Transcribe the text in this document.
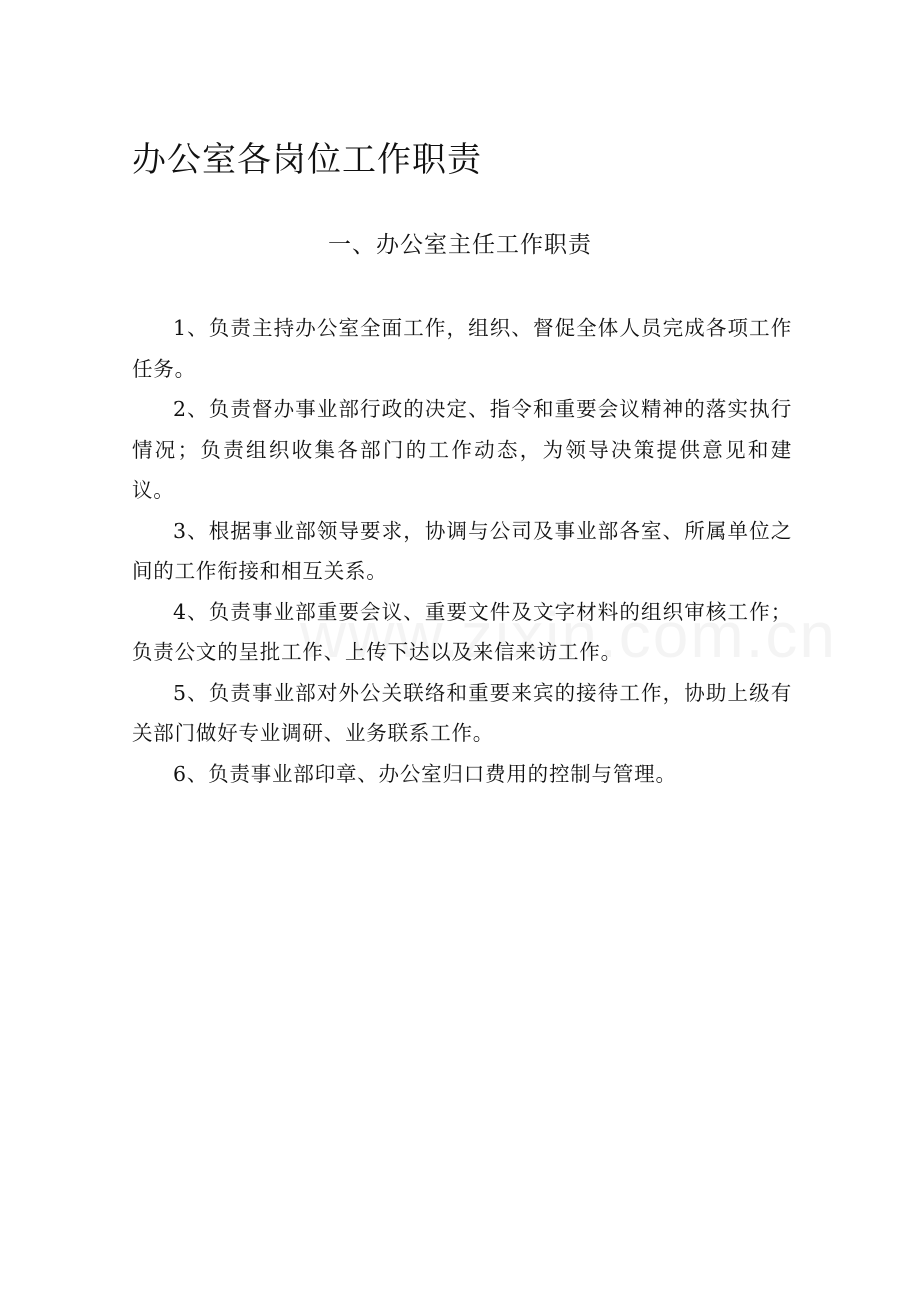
办公室各岗位工作职责
一、办公室主任工作职责

1、负责主持办公室全面工作，组织、督促全体人员完成各项工作任务。

2、负责督办事业部行政的决定、指令和重要会议精神的落实执行情况；负责组织收集各部门的工作动态，为领导决策提供意见和建议。

3、根据事业部领导要求，协调与公司及事业部各室、所属单位之间的工作衔接和相互关系。

4、负责事业部重要会议、重要文件及文字材料的组织审核工作；负责公文的呈批工作、上传下达以及来信来访工作。

5、负责事业部对外公关联络和重要来宾的接待工作，协助上级有关部门做好专业调研、业务联系工作。

6、负责事业部印章、办公室归口费用的控制与管理。
